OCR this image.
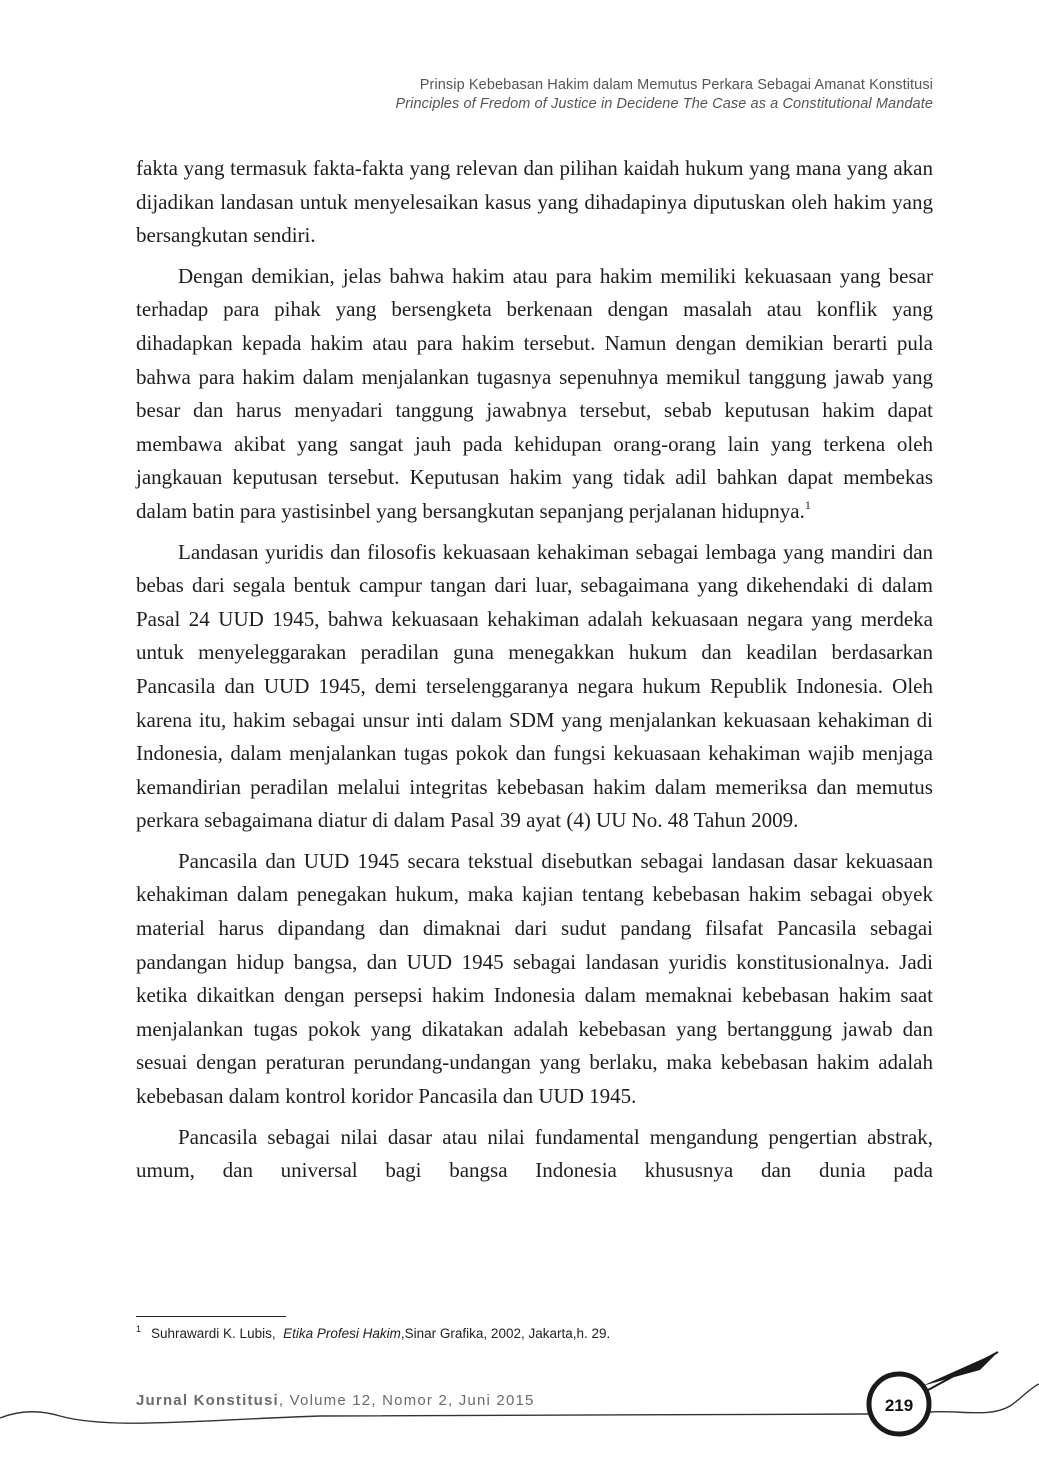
Prinsip Kebebasan Hakim dalam Memutus Perkara Sebagai Amanat Konstitusi
Principles of Fredom of Justice in Decidene The Case as a Constitutional Mandate

fakta yang termasuk fakta-fakta yang relevan dan pilihan kaidah hukum yang mana yang akan dijadikan landasan untuk menyelesaikan kasus yang dihadapinya diputuskan oleh hakim yang bersangkutan sendiri.

Dengan demikian, jelas bahwa hakim atau para hakim memiliki kekuasaan yang besar terhadap para pihak yang bersengketa berkenaan dengan masalah atau konflik yang dihadapkan kepada hakim atau para hakim tersebut. Namun dengan demikian berarti pula bahwa para hakim dalam menjalankan tugasnya sepenuhnya memikul tanggung jawab yang besar dan harus menyadari tanggung jawabnya tersebut, sebab keputusan hakim dapat membawa akibat yang sangat jauh pada kehidupan orang-orang lain yang terkena oleh jangkauan keputusan tersebut. Keputusan hakim yang tidak adil bahkan dapat membekas dalam batin para yastisinbel yang bersangkutan sepanjang perjalanan hidupnya.$^1$

Landasan yuridis dan filosofis kekuasaan kehakiman sebagai lembaga yang mandiri dan bebas dari segala bentuk campur tangan dari luar, sebagaimana yang dikehendaki di dalam Pasal 24 UUD 1945, bahwa kekuasaan kehakiman adalah kekuasaan negara yang merdeka untuk menyeleggarakan peradilan guna menegakkan hukum dan keadilan berdasarkan Pancasila dan UUD 1945, demi terselenggaranya negara hukum Republik Indonesia. Oleh karena itu, hakim sebagai unsur inti dalam SDM yang menjalankan kekuasaan kehakiman di Indonesia, dalam menjalankan tugas pokok dan fungsi kekuasaan kehakiman wajib menjaga kemandirian peradilan melalui integritas kebebasan hakim dalam memeriksa dan memutus perkara sebagaimana diatur di dalam Pasal 39 ayat (4) UU No. 48 Tahun 2009.

Pancasila dan UUD 1945 secara tekstual disebutkan sebagai landasan dasar kekuasaan kehakiman dalam penegakan hukum, maka kajian tentang kebebasan hakim sebagai obyek material harus dipandang dan dimaknai dari sudut pandang filsafat Pancasila sebagai pandangan hidup bangsa, dan UUD 1945 sebagai landasan yuridis konstitusionalnya. Jadi ketika dikaitkan dengan persepsi hakim Indonesia dalam memaknai kebebasan hakim saat menjalankan tugas pokok yang dikatakan adalah kebebasan yang bertanggung jawab dan sesuai dengan peraturan perundang-undangan yang berlaku, maka kebebasan hakim adalah kebebasan dalam kontrol koridor Pancasila dan UUD 1945.

Pancasila sebagai nilai dasar atau nilai fundamental mengandung pengertian abstrak, umum, dan universal bagi bangsa Indonesia khususnya dan dunia pada

$^1$ Suhrawardi K. Lubis, Etika Profesi Hakim,Sinar Grafika, 2002, Jakarta,h. 29.
Jurnal Konstitusi, Volume 12, Nomor 2, Juni 2015	219
